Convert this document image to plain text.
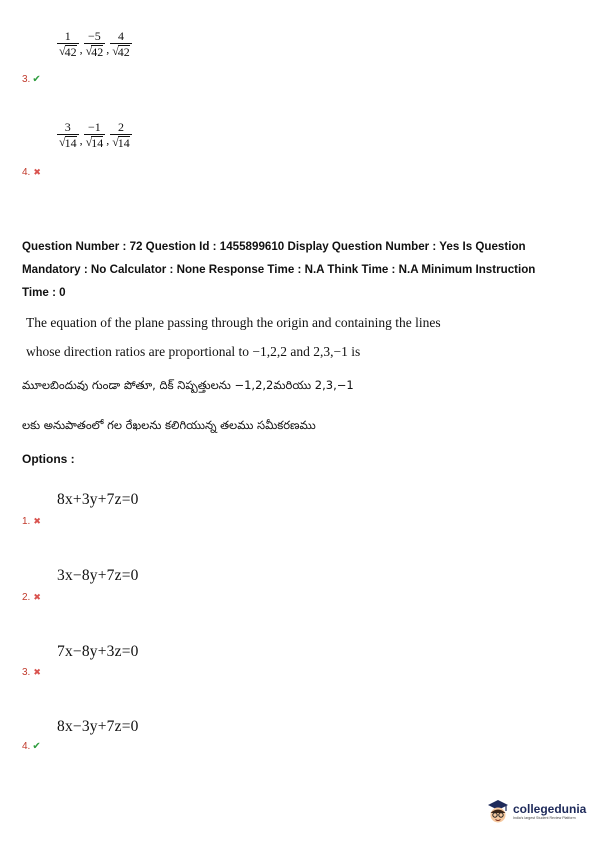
$\frac{1}{√ 42}$ , $\frac{-5}{√ 42}$ , $\frac{4}{√ 42}$
3. ✔
$\frac{3}{√ 14}$ , $\frac{-1}{√ 14}$ , $\frac{2}{√ 14}$
4. ✖
Question Number : 72 Question Id : 1455899610 Display Question Number : Yes Is Question
Mandatory : No Calculator : None Response Time : N.A Think Time : N.A Minimum Instruction
Time : 0
The equation of the plane passing through the origin and containing the lines
whose direction ratios are proportional to −1,2,2 and 2,3,−1 is
మూలబిందువు గుండా పోతూ, దిక్ నిష్పత్తులను −1,2,2మరియు 2,3,−1
లకు అనుపాతంలో గల రేఖలను కలిగియున్న తలము సమీకరణము
Options :
8x+3y+7z=0
1. ✖
3x−8y+7z=0
2. ✖
7x−8y+3z=0
3. ✖
8x−3y+7z=0
4. ✔
collegedunia
India's largest Student Review Platform
